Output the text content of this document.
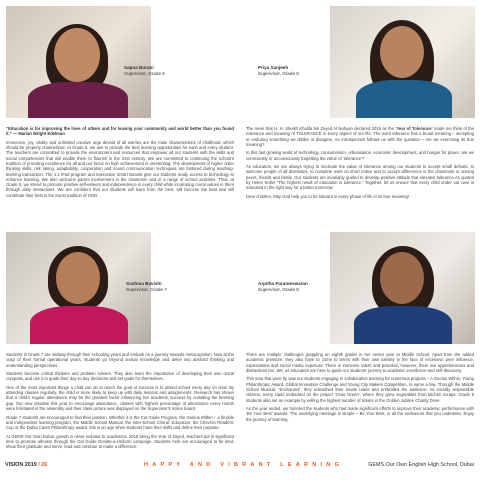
Sapna Burani
Supervisor, Grade 5
Priya Sanjeeh
Supervisor, Grade 6

“Education is for improving the lives of others and for leaving your community and world better than you found it.” — Marian Wright Edelman

Innocence, joy, vitality and unlimited creative urge devoid of all worries are the main characteristics of childhood, which should be properly channelized. At Grade 5, we aim to provide the best learning opportunities for each and every student. The teachers are committed to provide the environment and resources that empower all our students with the skills and social competencies that will enable them to flourish in the 21st century. We are committed to continuing the school’s tradition of providing excellence for all and our focus on high achievement is unrelenting. The development of higher order thinking skills, risk taking, adaptability, cooperation and sound communication techniques are fostered during teaching-learning transaction. The 1:1 iPad program and interactive Smart Boards give our students ready access to technology to enhance learning. We also welcome parent involvement in the classroom and in a range of school activities. Thus, at Grade 5, we intend to promote positive self-esteem and independence in every child while inculcating moral values in them through daily interactions. We are confident that our students will learn from the best, will become the best and will contribute their best in the truest tradition of OOD.

The news that H. H. Sheikh Khalifa bin Zayed Al Nahyan declared 2019 as the ‘Year of Tolerance’ made me think of the relevance and meaning of TOLERANCE in every aspect of our life. The word tolerance has a broad meaning – accepting or enduring something we dislike or disagree. An introspection follows us with the question – Are we exercising its true meaning?

In this fast growing world of technology, consumerism, urbanisation, economic development, and hunger for power, are we consciously or unconsciously forgetting the virtue of ‘tolerance’?

As educators, we are always trying to inculcate the value of tolerance among our students to accept small defeats, to welcome people of all diversities, to complete work on short notice and to accept differences in the classroom or among peers, friends and family. Our students are invariably guided to develop positive attitude that elevates tolerance.As quoted by Helen Keller “The highest result of education is tolerance.” Together, let us ensure that every child under our care is educated in the right way for a better tomorrow.

Dear children, May God help you to be tolerant in every phase of life in its true meaning!

Sushma Bavishi
Supervisor, Grade 7
Arpitha Parameswaran
Supervisor, Grade 8

Students in Grade 7 are midway through their schooling years and embark on a journey towards metacognition. Now at the cusp of their formal operational years, students go beyond textual knowledge and delve into abstract thinking and understanding perspectives.

Students become critical thinkers and problem solvers. They also learn the importance of developing their own moral compass, and use it to guide their day-to-day decisions and set goals for themselves.

One of the most important things a child can do to reach the goal of success is to attend school every day on time! By attending classes regularly, the child is more likely to keep up with daily lessons and assignments. Research has shown that a child’s regular attendance may be the greatest factor influencing her academic success by curtailing the learning gap. Our new initiative this year to encourage attendance, classes with highest percentage of attendance every month were felicitated in the assembly and their class picture was displayed on the Supervisor’s notice board.

Grade 7 students are encouraged to find their passion. Whether it is the Cut Guide Program, the Genius Within – a flexible and independent learning program, the Middle School Musical, the Inter-School Choral: Education, the Chevron Readers’ Cup or the Dubai Cares Philanthropy award, this is an age when students hone their skills and define their purpose.

At GEMS Our Own Dubai, growth is never isolated to academics. 2018 being the Year of Zayed, teachers put in significant time to promote altruism through the Girl Guide Donate-a-Uniform campaign. Students here are encouraged to be kind, show their gratitude and serve, lead and continue to make a difference.

There are multiple challenges grappling an eighth grader in her senior year at Middle School. Apart from the added academic pressure, they also have to come to terms with their own identity in the face of excessive peer influence, expectations and social media exposure. There is immense talent and potential, however, there are apprehensions and distractions too. We, as educators are here to guide our students’ journey to academic excellence and self-discovery.

This year that went by saw our students engaging in collaborative learning for numerous projects – A Genius Within, Young Philanthropic Award, Global Innovation Challenge and Young City Makers Competition, to name a few. Through the Middle School Musical, ‘Enchanted’, they unleashed their innate talent and enthralled the audience. As socially responsible citizens, every class embarked on the project ‘Grow Green’, where they grew vegetables from kitchen scraps. Grade 8 students also set an example by selling the highest number of tickets in the Golden Jubilee Charity Drive.

As the year ended, we honored the students who had made significant efforts to improve their academic performance with ‘Be Your Best’ awards. The underlying message is simple – Be Your Best, in all the endeavors that you undertake. Enjoy the journey of learning.

VISION 2019 / 26	HAPPY AND VIBRANT LEARNING	GEMS Our Own English High School, Dubai
